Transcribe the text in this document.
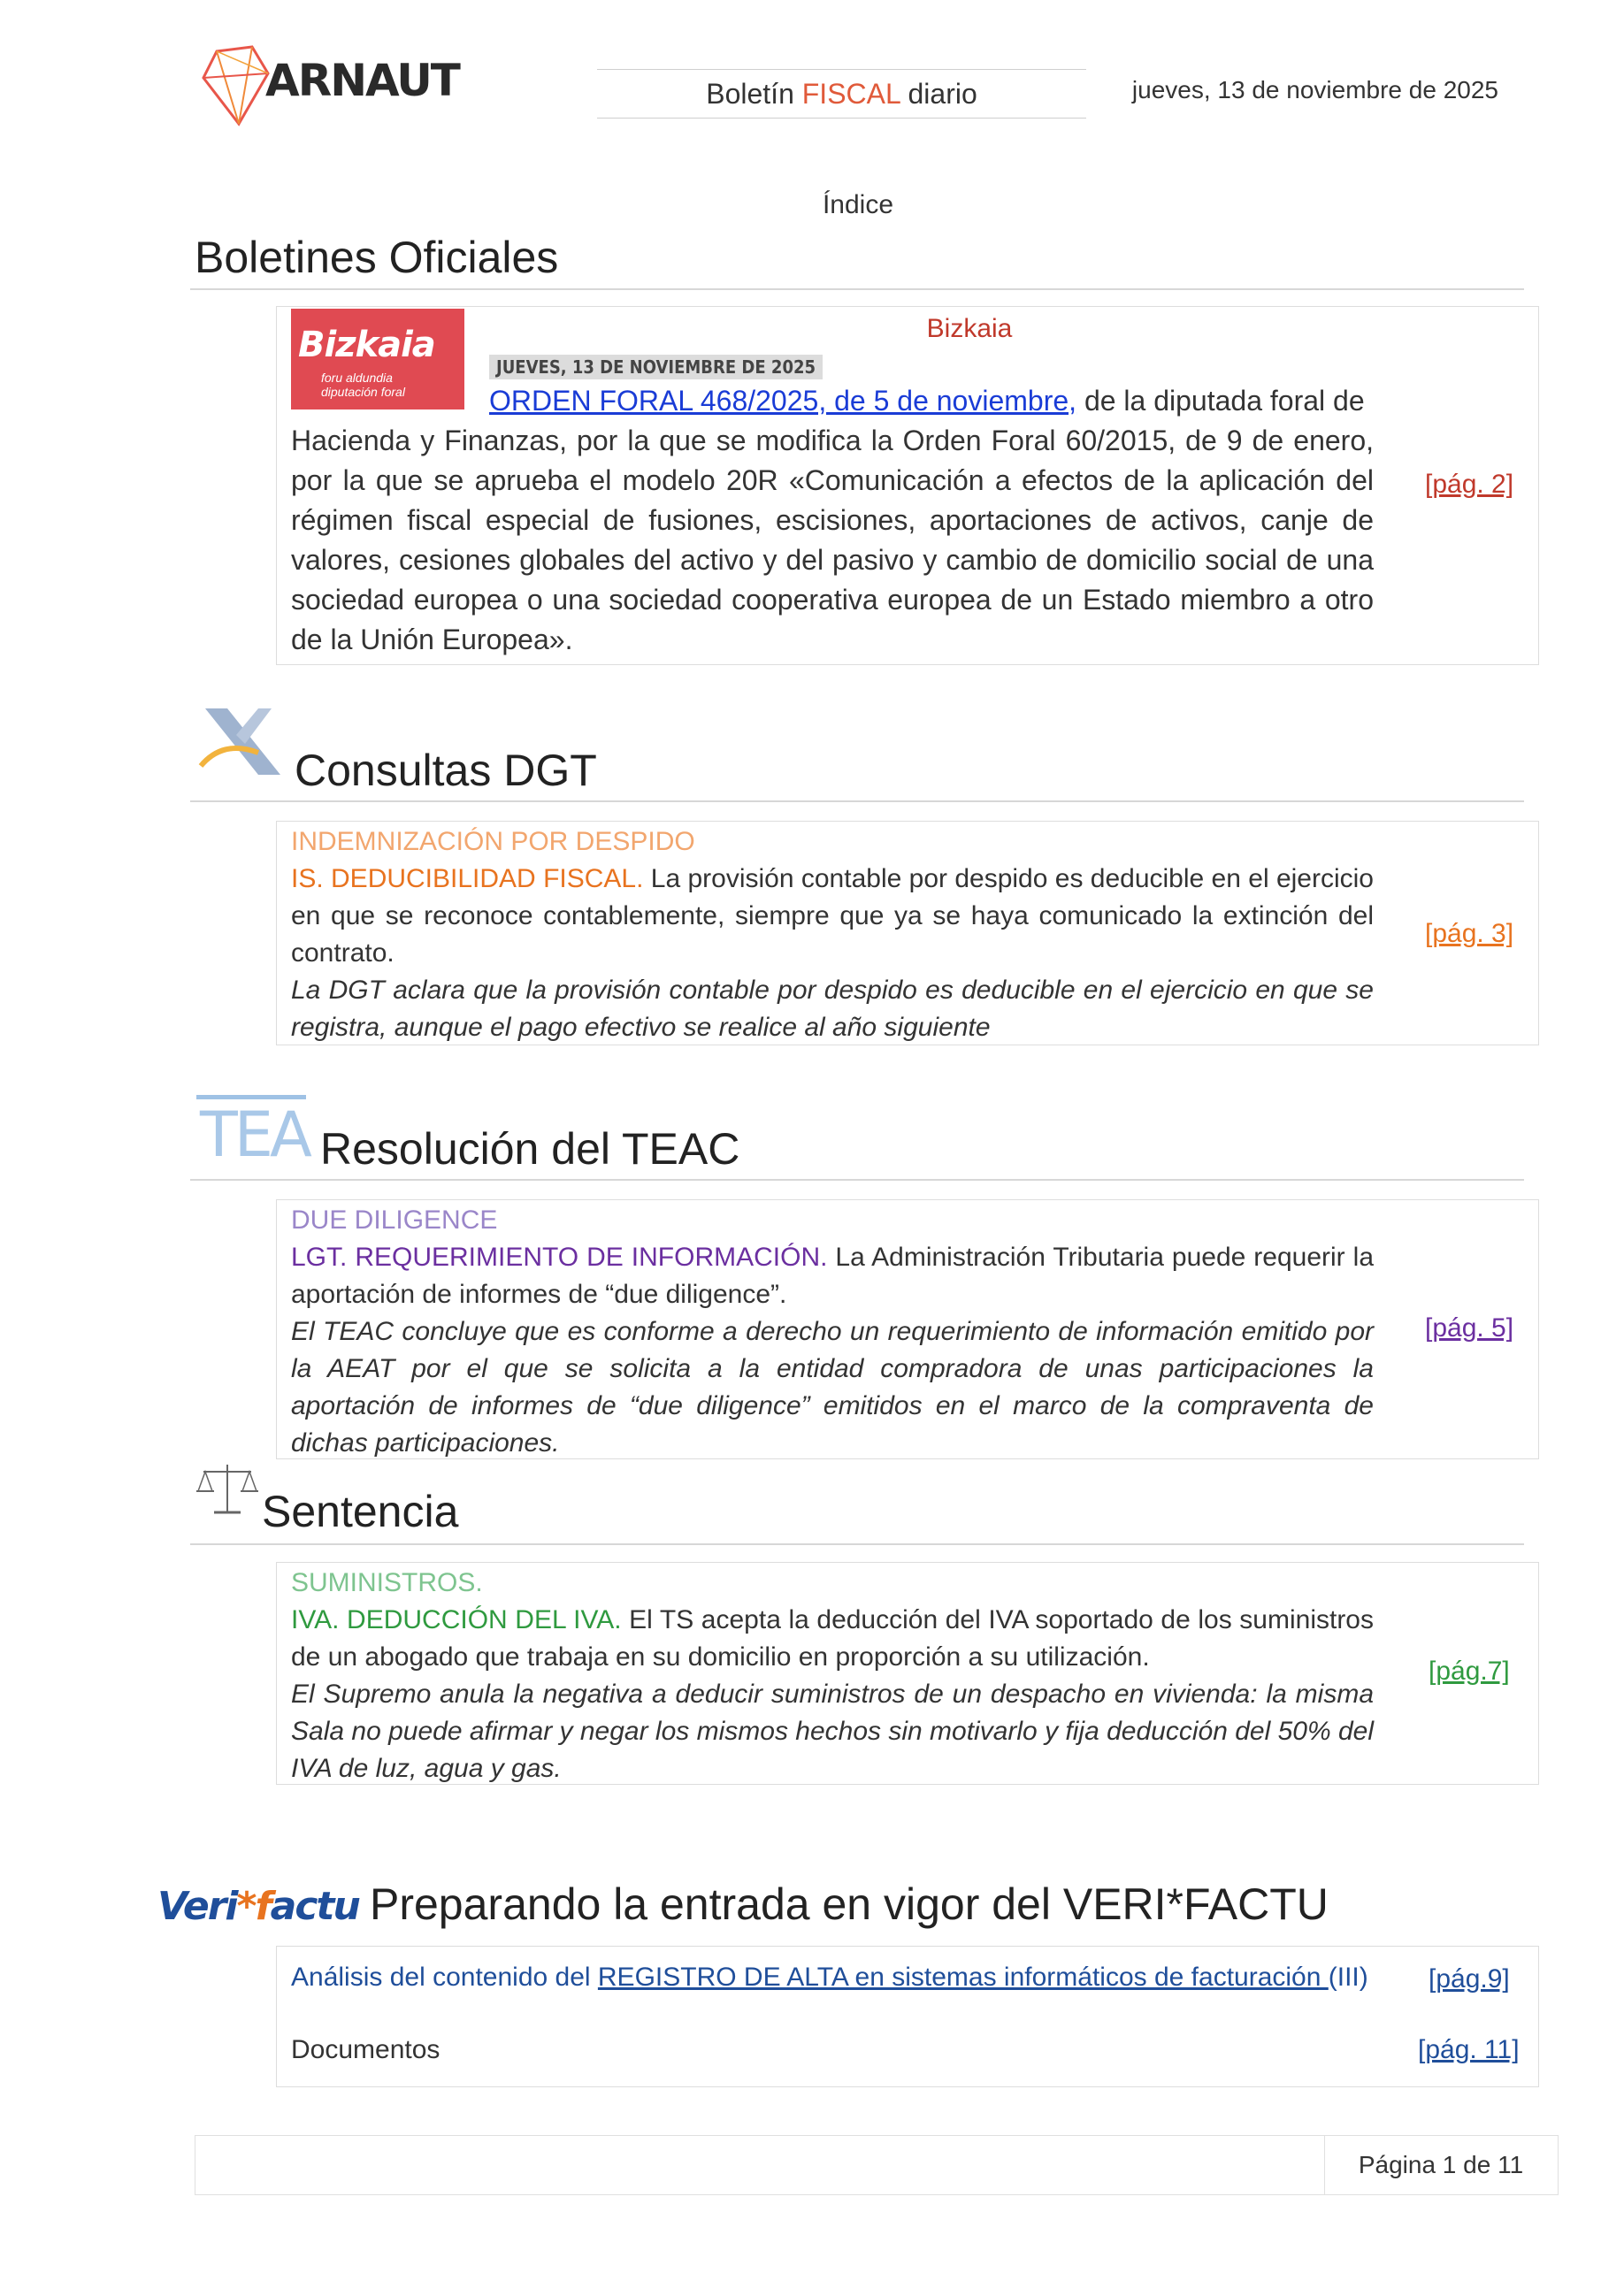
ARNAUT	Boletín FISCAL diario	jueves, 13 de noviembre de 2025
Índice
Boletines Oficiales
Bizkaia
foru aldundia
diputación foral
Bizkaia
JUEVES, 13 DE NOVIEMBRE DE 2025
ORDEN FORAL 468/2025, de 5 de noviembre, de la diputada foral de
Hacienda y Finanzas, por la que se modifica la Orden Foral 60/2015, de 9 de enero, por la que se aprueba el modelo 20R «Comunicación a efectos de la aplicación del régimen fiscal especial de fusiones, escisiones, aportaciones de activos, canje de valores, cesiones globales del activo y del pasivo y cambio de domicilio social de una sociedad europea o una sociedad cooperativa europea de un Estado miembro a otro de la Unión Europea».
[pág. 2]
Consultas DGT
INDEMNIZACIÓN POR DESPIDO
IS. DEDUCIBILIDAD FISCAL. La provisión contable por despido es deducible en el ejercicio en que se reconoce contablemente, siempre que ya se haya comunicado la extinción del contrato.
La DGT aclara que la provisión contable por despido es deducible en el ejercicio en que se registra, aunque el pago efectivo se realice al año siguiente
[pág. 3]
TEA Resolución del TEAC
DUE DILIGENCE
LGT. REQUERIMIENTO DE INFORMACIÓN. La Administración Tributaria puede requerir la aportación de informes de “due diligence”.
El TEAC concluye que es conforme a derecho un requerimiento de información emitido por la AEAT por el que se solicita a la entidad compradora de unas participaciones la aportación de informes de “due diligence” emitidos en el marco de la compraventa de dichas participaciones.
[pág. 5]
Sentencia
SUMINISTROS.
IVA. DEDUCCIÓN DEL IVA. El TS acepta la deducción del IVA soportado de los suministros de un abogado que trabaja en su domicilio en proporción a su utilización.
El Supremo anula la negativa a deducir suministros de un despacho en vivienda: la misma Sala no puede afirmar y negar los mismos hechos sin motivarlo y fija deducción del 50% del IVA de luz, agua y gas.
[pág.7]
Veri*factu Preparando la entrada en vigor del VERI*FACTU
Análisis del contenido del REGISTRO DE ALTA en sistemas informáticos de facturación (III) [pág.9]
Documentos	[pág. 11]
Página 1 de 11
